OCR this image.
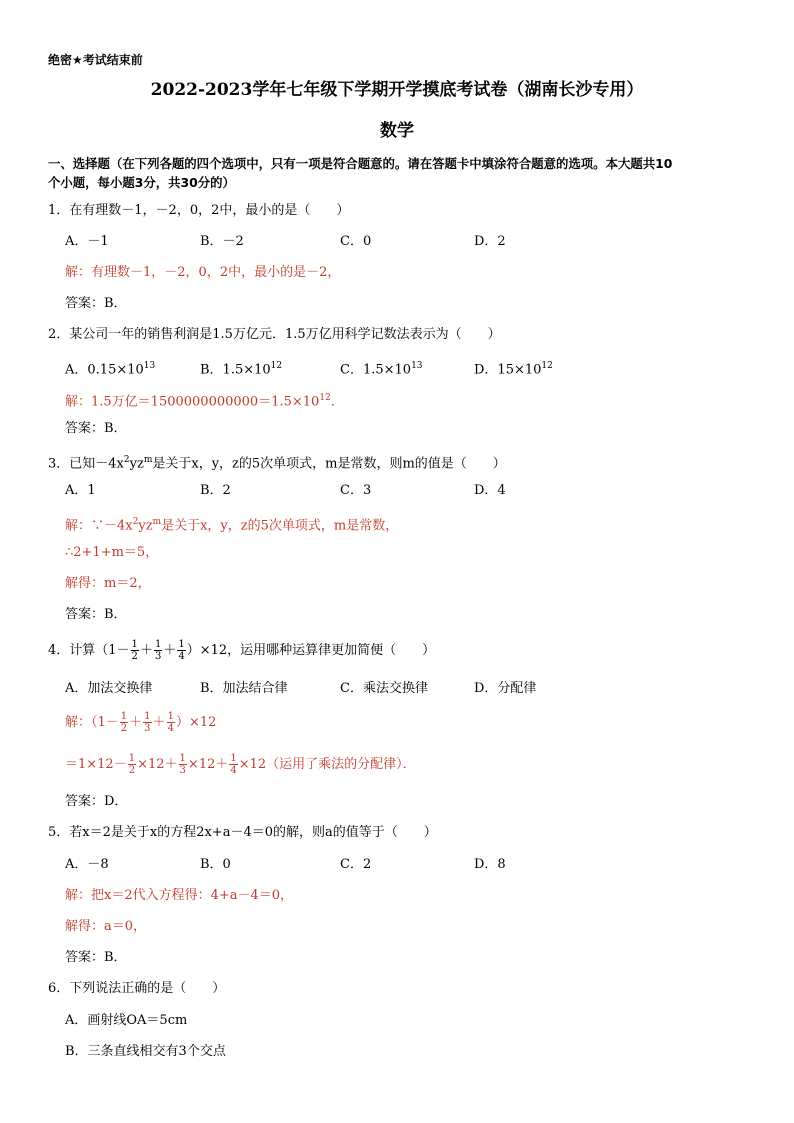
绝密★考试结束前
2022-2023学年七年级下学期开学摸底考试卷（湖南长沙专用）
数学
一、选择题（在下列各题的四个选项中，只有一项是符合题意的。请在答题卡中填涂符合题意的选项。本大题共10
个小题，每小题3分，共30分的）
1．在有理数－1，－2，0，2中，最小的是（　　）
A．－1	B．－2	C．0	D．2
解：有理数－1，－2，0，2中，最小的是－2，
答案：B．
2．某公司一年的销售利润是1.5万亿元．1.5万亿用科学记数法表示为（　　）
A．$0.15\times 10^{13}$	B．$1.5\times 10^{12}$	C．$1.5\times 10^{13}$	D．$15\times 10^{12}$
解：1.5万亿$=1500000000000=1.5\times 10^{12}$．
答案：B．
3．已知$-4x^2yz^m$是关于x，y，z的5次单项式，m是常数，则m的值是（　　）
A．1	B．2	C．3	D．4
解：$\because-4x^2yz^m$是关于x，y，z的5次单项式，m是常数，
∴2+1+m＝5，
解得：m＝2，
答案：B．
4．计算$(1- \frac{1}{2} + \frac{1}{3} + \frac{1}{4} )\times 12$，运用哪种运算律更加简便（　　）
A．加法交换律	B．加法结合律	C．乘法交换律	D．分配律
解：$(1- \frac{1}{2} + \frac{1}{3} + \frac{1}{4} )\times 12$
$=1\times 12- \frac{1}{2} \times 12+ \frac{1}{3} \times 12+ \frac{1}{4} \times 12$（运用了乘法的分配律）．
答案：D．
5．若x＝2是关于x的方程2x+a－4＝0的解，则a的值等于（　　）
A．－8	B．0	C．2	D．8
解：把x＝2代入方程得：4+a－4＝0，
解得：a＝0，
答案：B．
6．下列说法正确的是（　　）
A．画射线OA＝5cm
B．三条直线相交有3个交点
